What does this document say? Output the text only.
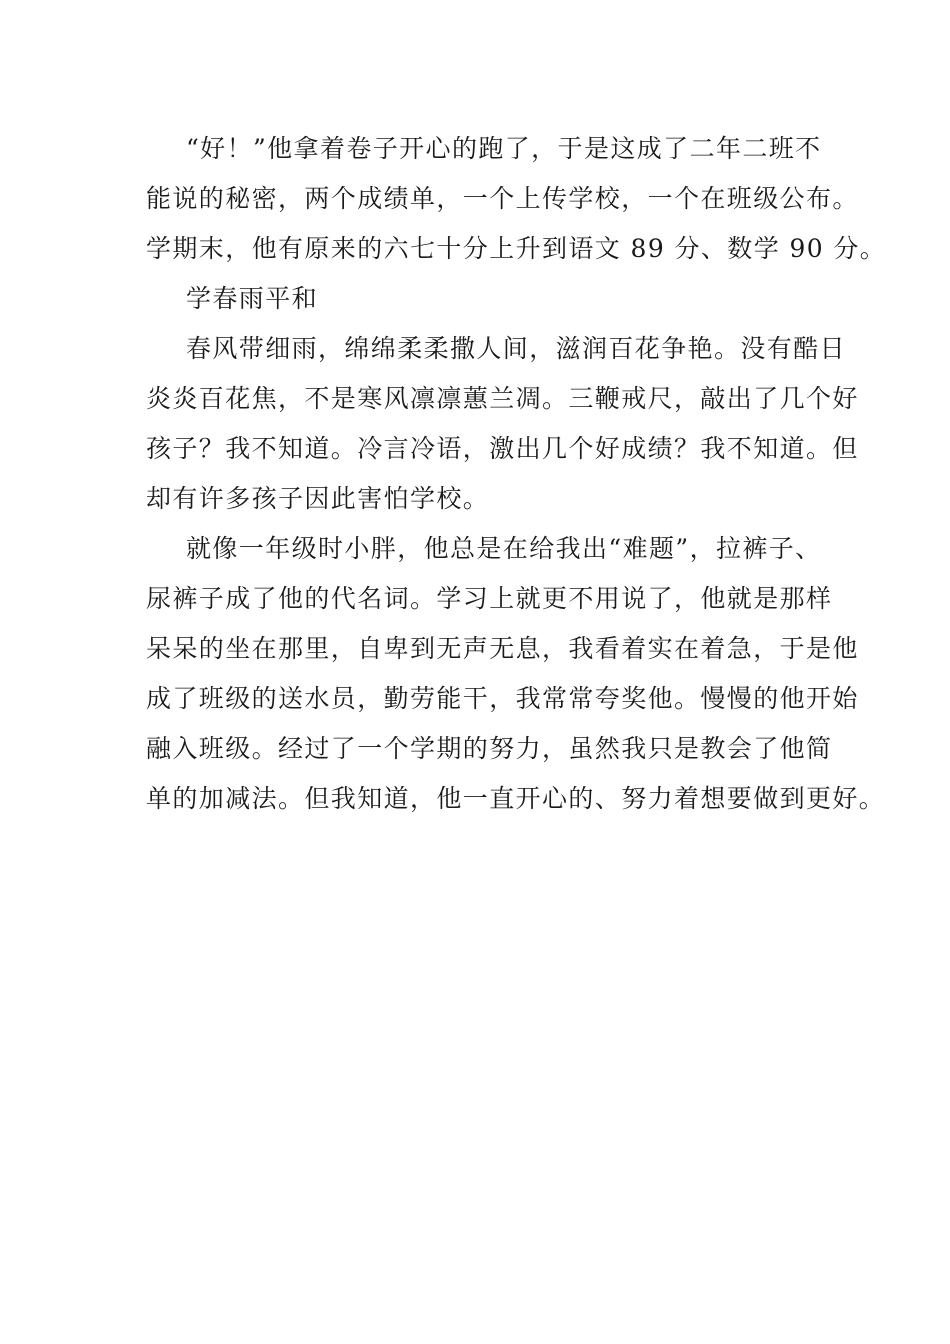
“好！”他拿着卷子开心的跑了，于是这成了二年二班不
能说的秘密，两个成绩单，一个上传学校，一个在班级公布。
学期末，他有原来的六七十分上升到语文 89 分、数学 90 分。
学春雨平和
春风带细雨，绵绵柔柔撒人间，滋润百花争艳。没有酷日
炎炎百花焦，不是寒风凛凛蕙兰凋。三鞭戒尺，敲出了几个好
孩子？我不知道。冷言冷语，激出几个好成绩？我不知道。但
却有许多孩子因此害怕学校。
就像一年级时小胖，他总是在给我出“难题”，拉裤子、
尿裤子成了他的代名词。学习上就更不用说了，他就是那样
呆呆的坐在那里，自卑到无声无息，我看着实在着急，于是他
成了班级的送水员，勤劳能干，我常常夸奖他。慢慢的他开始
融入班级。经过了一个学期的努力，虽然我只是教会了他简
单的加减法。但我知道，他一直开心的、努力着想要做到更好。
